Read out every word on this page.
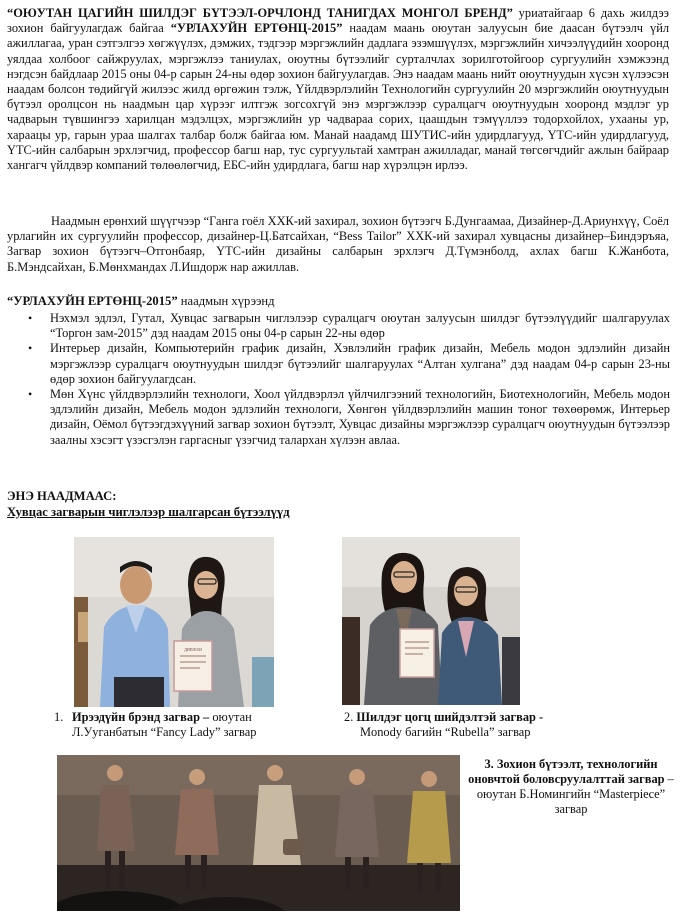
“ОЮУТАН ЦАГИЙН ШИЛДЭГ БҮТЭЭЛ-ОРЧЛОНД ТАНИГДАХ МОНГОЛ БРЕНД” уриатайгаар 6 дахь жилдээ зохион байгуулагдаж байгаа “УРЛАХУЙН ЕРТӨНЦ-2015” наадам маань оюутан залуусын бие даасан бүтээлч үйл ажиллагаа, уран сэтгэлгээ хөгжүүлэх, дэмжих, тэдгээр мэргэжлийн дадлага эзэмшүүлэх, мэргэжлийн хичээлүүдийн хооронд уялдаа холбоог сайжруулах, мэргэжлээ таниулах, оюутны бүтээлийг сурталчлах зорилготойгоор сургуулийн хэмжээнд нэгдсэн байдлаар 2015 оны 04-р сарын 24-ны өдөр зохион байгуулагдав. Энэ наадам маань нийт оюутнуудын хүсэн хүлээсэн наадам болсон төдийгүй жилээс жилд өргөжин тэлж, Үйлдвэрлэлийн Технологийн сургуулийн 20 мэргэжлийн оюутнуудын бүтээл оролцсон нь наадмын цар хүрээг илтгэж зогсохгүй энэ мэргэжлээр суралцагч оюутнуудын хооронд мэдлэг ур чадварын түвшингээ харилцан мэдэлцэх, мэргэжлийн ур чадвараа сорих, цаашдын тэмүүллээ тодорхойлох, ухааны ур, хараацы ур, гарын ураа шалгах талбар болж байгаа юм. Манай наадамд ШУТИС-ийн удирдлагууд, ҮТС-ийн удирдлагууд, ҮТС-ийн салбарын эрхлэгчид, профессор багш нар, тус сургуультай хамтран ажилладаг, манай төгсөгчдийг ажлын байраар хангагч үйлдвэр компаний төлөөлөгчид, ЕБС-ийн удирдлага, багш нар хүрэлцэн ирлээ.

Наадмын ерөнхий шүүгчээр “Ганга гоёл ХХК-ий захирал, зохион бүтээгч Б.Дунгаамаа, Дизайнер-Д.Ариунхүү, Соёл урлагийн их сургуулийн профессор, дизайнер-Ц.Батсайхан, “Bess Tailor” ХХК-ий захирал хувцасны дизайнер–Биндэръяа, Загвар зохион бүтээгч–Отгонбаяр, ҮТС-ийн дизайны салбарын эрхлэгч Д.Түмэнболд, ахлах багш К.Жанбота, Б.Мэндсайхан, Б.Мөнхмандах Л.Ишдорж нар ажиллав.

“УРЛАХУЙН ЕРТӨНЦ-2015” наадмын хүрээнд

• Нэхмэл эдлэл, Гутал, Хувцас загварын чиглэлээр суралцагч оюутан залуусын шилдэг бүтээлүүдийг шалгаруулах “Торгон зам-2015” дэд наадам 2015 оны 04-р сарын 22-ны өдөр
• Интерьер дизайн, Компьютерийн график дизайн, Хэвлэлийн график дизайн, Мебель модон эдлэлийн дизайн мэргэжлээр суралцагч оюутнуудын шилдэг бүтээлийг шалгаруулах “Алтан хулгана” дэд наадам 04-р сарын 23-ны өдөр зохион байгуулагдсан.
• Мөн Хүнс үйлдвэрлэлийн технологи, Хоол үйлдвэрлэл үйлчилгээний технологийн, Биотехнологийн, Мебель модон эдлэлийн дизайн, Мебель модон эдлэлийн технологи, Хөнгөн үйлдвэрлэлийн машин тоног төхөөрөмж, Интерьер дизайн, Оёмол бүтээгдэхүүний загвар зохион бүтээлт, Хувцас дизайны мэргэжлээр суралцагч оюутнуудын бүтээлээр заалны хэсэгт үзэсгэлэн гаргасныг үзэгчид таларxан хүлээн авлаа.

ЭНЭ НААДМААС:

Хувцас загварын чиглэлээр шалгарсан бүтээлүүд

ДИПЛОМ
1. Ирээдүйн брэнд загвар – оюутан
Л.Ууганбатын “Fancy Lady” загвар
2. Шилдэг цогц шийдэлтэй загвар -
Monody багийн “Rubella” загвар
3. Зохион бүтээлт, технологийн оновчтой боловсруулалттай загвар – оюутан Б.Номингийн “Masterpiece” загвар
